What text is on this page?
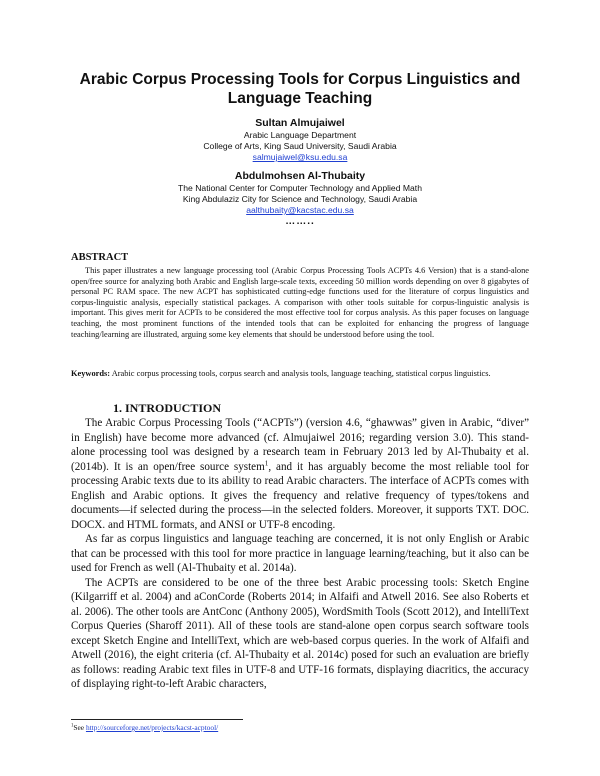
Arabic Corpus Processing Tools for Corpus Linguistics and Language Teaching
Sultan Almujaiwel
Arabic Language Department
College of Arts, King Saud University, Saudi Arabia
salmujaiwel@ksu.edu.sa
Abdulmohsen Al-Thubaity
The National Center for Computer Technology and Applied Math
King Abdulaziz City for Science and Technology, Saudi Arabia
aalthubaity@kacstac.edu.sa
……..
ABSTRACT
This paper illustrates a new language processing tool (Arabic Corpus Processing Tools ACPTs 4.6 Version) that is a stand-alone open/free source for analyzing both Arabic and English large-scale texts, exceeding 50 million words depending on over 8 gigabytes of personal PC RAM space. The new ACPT has sophisticated cutting-edge functions used for the literature of corpus linguistics and corpus-linguistic analysis, especially statistical packages. A comparison with other tools suitable for corpus-linguistic analysis is important. This gives merit for ACPTs to be considered the most effective tool for corpus analysis. As this paper focuses on language teaching, the most prominent functions of the intended tools that can be exploited for enhancing the progress of language teaching/learning are illustrated, arguing some key elements that should be understood before using the tool.
Keywords: Arabic corpus processing tools, corpus search and analysis tools, language teaching, statistical corpus linguistics.
1. INTRODUCTION

The Arabic Corpus Processing Tools (“ACPTs”) (version 4.6, “ghawwas” given in Arabic, “diver” in English) have become more advanced (cf. Almujaiwel 2016; regarding version 3.0). This stand-alone processing tool was designed by a research team in February 2013 led by Al-Thubaity et al. (2014b). It is an open/free source system$^1$, and it has arguably become the most reliable tool for processing Arabic texts due to its ability to read Arabic characters. The interface of ACPTs comes with English and Arabic options. It gives the frequency and relative frequency of types/tokens and documents—if selected during the process—in the selected folders. Moreover, it supports TXT. DOC. DOCX. and HTML formats, and ANSI or UTF-8 encoding.

As far as corpus linguistics and language teaching are concerned, it is not only English or Arabic that can be processed with this tool for more practice in language learning/teaching, but it also can be used for French as well (Al-Thubaity et al. 2014a).

The ACPTs are considered to be one of the three best Arabic processing tools: Sketch Engine (Kilgarriff et al. 2004) and aConCorde (Roberts 2014; in Alfaifi and Atwell 2016. See also Roberts et al. 2006). The other tools are AntConc (Anthony 2005), WordSmith Tools (Scott 2012), and IntelliText Corpus Queries (Sharoff 2011). All of these tools are stand-alone open corpus search software tools except Sketch Engine and IntelliText, which are web-based corpus queries. In the work of Alfaifi and Atwell (2016), the eight criteria (cf. Al-Thubaity et al. 2014c) posed for such an evaluation are briefly as follows: reading Arabic text files in UTF-8 and UTF-16 formats, displaying diacritics, the accuracy of displaying right-to-left Arabic characters,

$^1$See http://sourceforge.net/projects/kacst-acptool/
